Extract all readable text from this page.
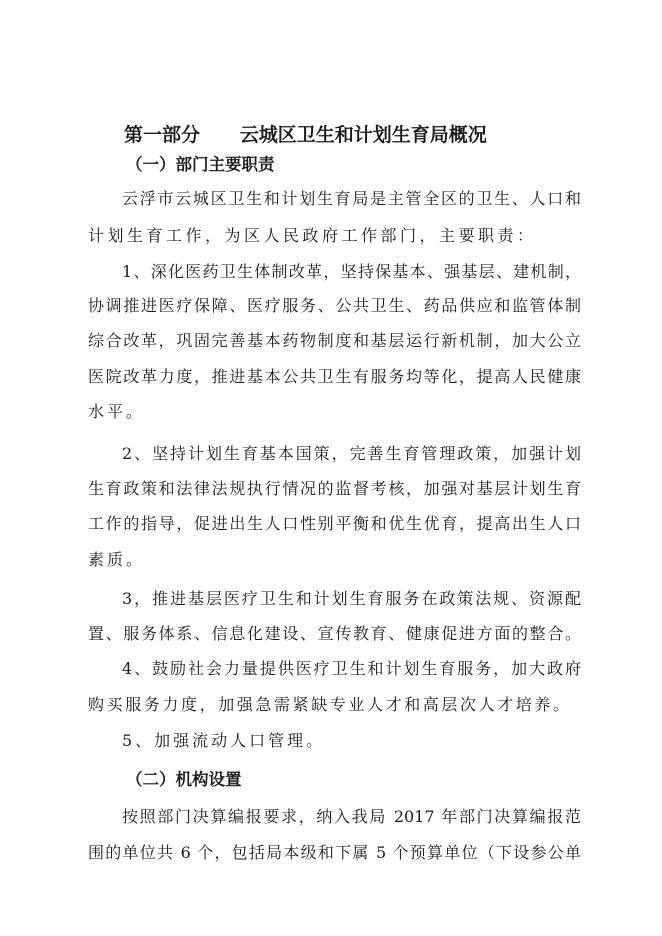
第一部分 云城区卫生和计划生育局概况
（一）部门主要职责
云浮市云城区卫生和计划生育局是主管全区的卫生、人口和
计划生育工作，为区人民政府工作部门，主要职责：
1、深化医药卫生体制改革，坚持保基本、强基层、建机制，
协调推进医疗保障、医疗服务、公共卫生、药品供应和监管体制
综合改革，巩固完善基本药物制度和基层运行新机制，加大公立
医院改革力度，推进基本公共卫生有服务均等化，提高人民健康
水平。
2、坚持计划生育基本国策，完善生育管理政策，加强计划
生育政策和法律法规执行情况的监督考核，加强对基层计划生育
工作的指导，促进出生人口性别平衡和优生优育，提高出生人口
素质。
3，推进基层医疗卫生和计划生育服务在政策法规、资源配
置、服务体系、信息化建设、宣传教育、健康促进方面的整合。
4、鼓励社会力量提供医疗卫生和计划生育服务，加大政府
购买服务力度，加强急需紧缺专业人才和高层次人才培养。
5、加强流动人口管理。
（二）机构设置
按照部门决算编报要求，纳入我局 2017 年部门决算编报范
围的单位共 6 个，包括局本级和下属 5 个预算单位（下设参公单
